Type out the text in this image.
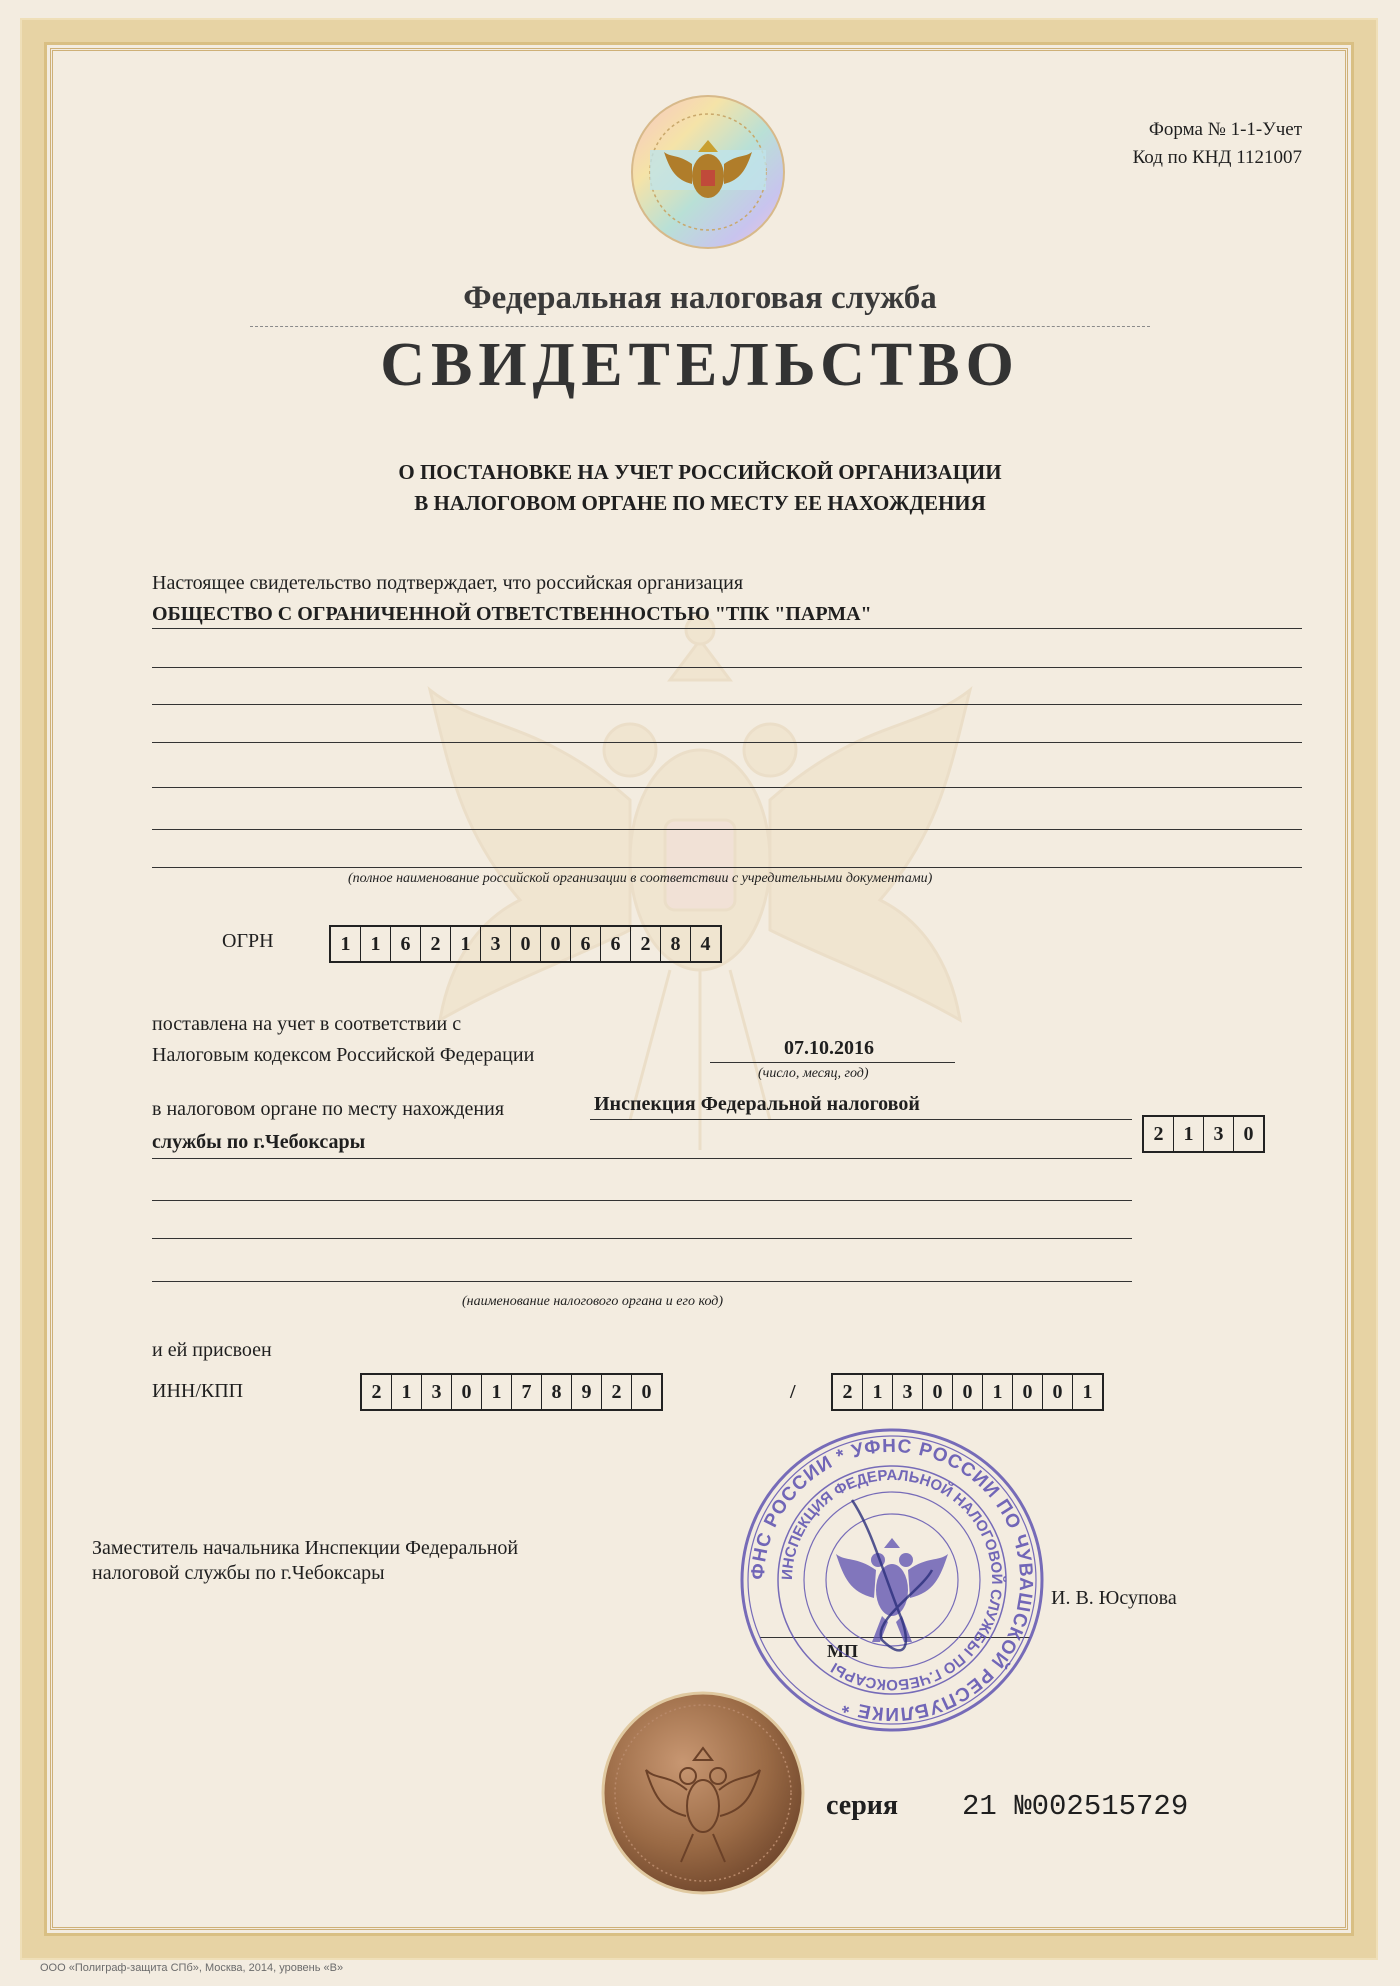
Форма № 1-1-Учет
Код по КНД 1121007
Федеральная налоговая служба
СВИДЕТЕЛЬСТВО
О ПОСТАНОВКЕ НА УЧЕТ РОССИЙСКОЙ ОРГАНИЗАЦИИ
В НАЛОГОВОМ ОРГАНЕ ПО МЕСТУ ЕЕ НАХОЖДЕНИЯ
Настоящее свидетельство подтверждает, что российская организация
ОБЩЕСТВО С ОГРАНИЧЕННОЙ ОТВЕТСТВЕННОСТЬЮ "ТПК "ПАРМА"
(полное наименование российской организации в соответствии с учредительными документами)
ОГРН	1	1	6	2	1	3	0	0	6	6	2	8	4
поставлена на учет в соответствии с
Налоговым кодексом Российской Федерации	07.10.2016
(число, месяц, год)
в налоговом органе по месту нахождения	Инспекция Федеральной налоговой
службы по г.Чебоксары	2	1	3	0
(наименование налогового органа и его код)
и ей присвоен
ИНН/КПП	2	1	3	0	1	7	8	9	2	0	/	2	1	3	0	0	1	0	0	1
Заместитель начальника Инспекции Федеральной
налоговой службы по г.Чебоксары
И. В. Юсупова
МП
ФНС РОССИИ * УФНС РОССИИ ПО ЧУВАШСКОЙ РЕСПУБЛИКЕ *
ИНСПЕКЦИЯ ФЕДЕРАЛЬНОЙ НАЛОГОВОЙ СЛУЖБЫ ПО Г.ЧЕБОКСАРЫ
серия 21 №002515729
ООО «Полиграф-защита СПб», Москва, 2014, уровень «В»
